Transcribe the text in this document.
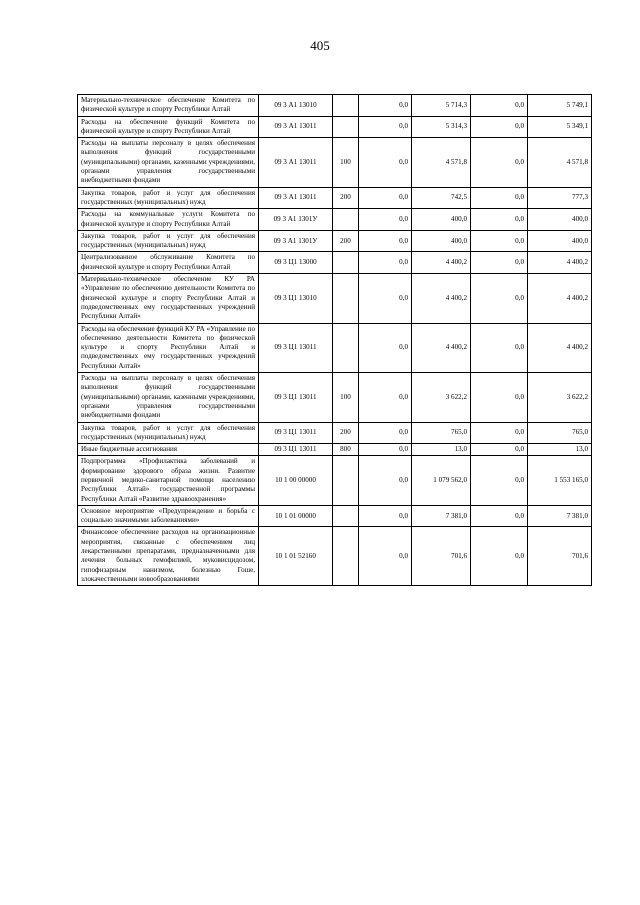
405
Материально-техническое обеспечение Комитета по физической культуре и спорту Республики Алтай	09 3 А1 13010		0,0	5 714,3	0,0	5 749,1
Расходы на обеспечение функций Комитета по физической культуре и спорту Республики Алтай	09 3 А1 13011		0,0	5 314,3	0,0	5 349,1
Расходы на выплаты персоналу в целях обеспечения выполнения функций государственными (муниципальными) органами, казенными учреждениями, органами управления государственными внебюджетными фондами	09 3 А1 13011	100	0,0	4 571,8	0,0	4 571,8
Закупка товаров, работ и услуг для обеспечения государственных (муниципальных) нужд	09 3 А1 13011	200	0,0	742,5	0,0	777,3
Расходы на коммунальные услуги Комитета по физической культуре и спорту Республики Алтай	09 3 А1 1301У		0,0	400,0	0,0	400,0
Закупка товаров, работ и услуг для обеспечения государственных (муниципальных) нужд	09 3 А1 1301У	200	0,0	400,0	0,0	400,0
Централизованное обслуживание Комитета по физической культуре и спорту Республики Алтай	09 3 Ц1 13000		0,0	4 400,2	0,0	4 400,2
Материально-техническое обеспечение КУ РА «Управление по обеспечению деятельности Комитета по физической культуре и спорту Республики Алтай и подведомственных ему государственных учреждений Республики Алтай»	09 3 Ц1 13010		0,0	4 400,2	0,0	4 400,2
Расходы на обеспечение функций КУ РА «Управление по обеспечению деятельности Комитета по физической культуре и спорту Республики Алтай и подведомственных ему государственных учреждений Республики Алтай»	09 3 Ц1 13011		0,0	4 400,2	0,0	4 400,2
Расходы на выплаты персоналу в целях обеспечения выполнения функций государственными (муниципальными) органами, казенными учреждениями, органами управления государственными внебюджетными фондами	09 3 Ц1 13011	100	0,0	3 622,2	0,0	3 622,2
Закупка товаров, работ и услуг для обеспечения государственных (муниципальных) нужд	09 3 Ц1 13011	200	0,0	765,0	0,0	765,0
Иные бюджетные ассигнования	09 3 Ц1 13011	800	0,0	13,0	0,0	13,0
Подпрограмма «Профилактика заболеваний и формирование здорового образа жизни. Развитие первичной медико-санитарной помощи населению Республики Алтай» государственной программы Республики Алтай «Развитие здравоохранения»	10 1 00 00000		0,0	1 079 562,0	0,0	1 553 165,0
Основное мероприятие «Предупреждение и борьба с социально значимыми заболеваниями»	10 1 01 00000		0,0	7 381,0	0,0	7 381,0
Финансовое обеспечение расходов на организационные мероприятия, связанные с обеспечением лиц лекарственными препаратами, предназначенными для лечения больных гемофилией, муковисцидозом, гипофизарным нанизмом, болезнью Гоше, злокачественными новообразованиями	10 1 01 52160		0,0	701,6	0,0	701,6
